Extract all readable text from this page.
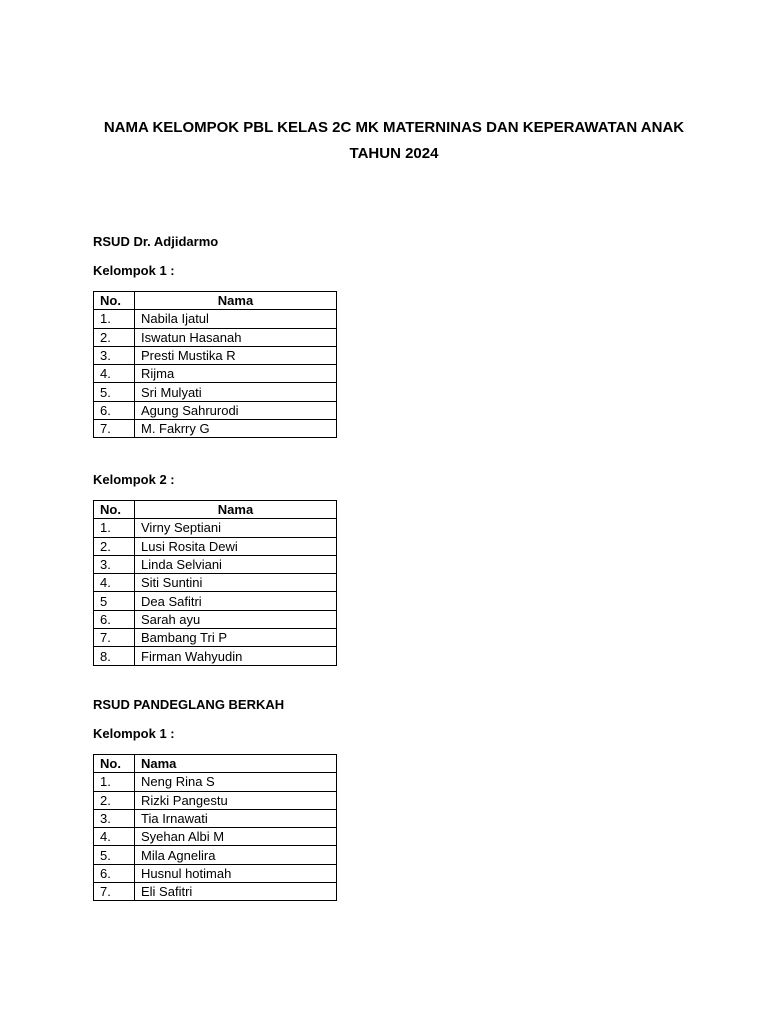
NAMA KELOMPOK PBL KELAS 2C MK MATERNINAS DAN KEPERAWATAN ANAK
TAHUN 2024
RSUD Dr. Adjidarmo
Kelompok 1 :
No.	Nama
1.	Nabila Ijatul
2.	Iswatun Hasanah
3.	Presti Mustika R
4.	Rijma
5.	Sri Mulyati
6.	Agung Sahrurodi
7.	M. Fakrry G
Kelompok 2 :
No.	Nama
1.	Virny Septiani
2.	Lusi Rosita Dewi
3.	Linda Selviani
4.	Siti Suntini
5	Dea Safitri
6.	Sarah ayu
7.	Bambang Tri P
8.	Firman Wahyudin
RSUD PANDEGLANG BERKAH
Kelompok 1 :
No.	Nama
1.	Neng Rina S
2.	Rizki Pangestu
3.	Tia Irnawati
4.	Syehan Albi M
5.	Mila Agnelira
6.	Husnul hotimah
7.	Eli Safitri
